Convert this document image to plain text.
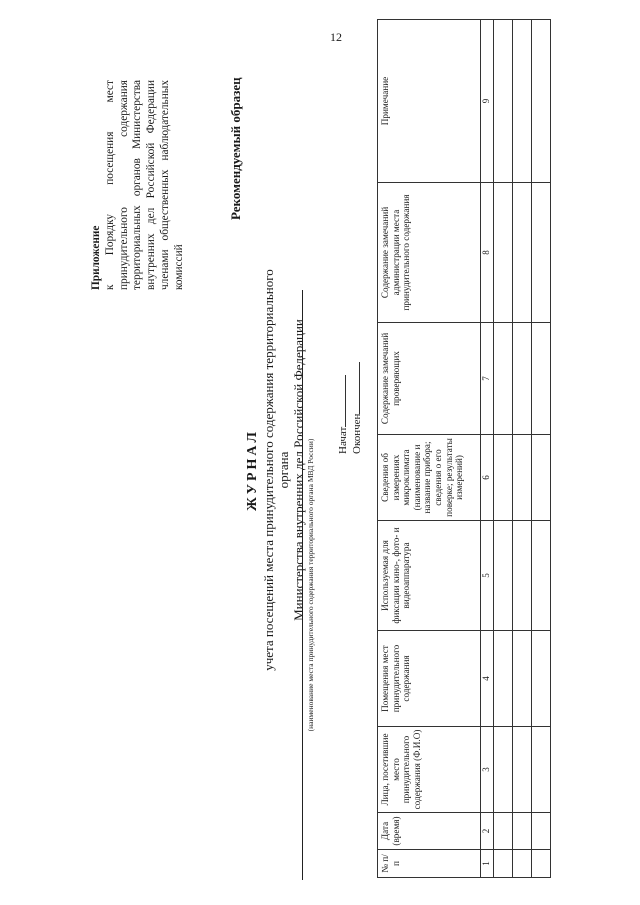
12
Приложение к Порядку посещения мест принудительного содержания территориальных органов Министерства внутренних дел Российской Федерации членами общественных наблюдательных комиссий
Рекомендуемый образец
ЖУРНАЛ учета посещений места принудительного содержания территориального органа Министерства внутренних дел Российской Федерации (наименование места принудительного содержания территориального органа МВД России) Начат Окончен
№ п/п	Дата (время)	Лица, посетившие место принудительного содержания (Ф.И.О)	Помещения мест принудительного содержания	Используемая для фиксации кино-, фото- и видеоаппаратура	Сведения об измерениях микроклимата (наименование и название прибора; сведения о его поверке; результаты измерений)	Содержание замечаний проверяющих	Содержание замечаний администрации места принудительного содержания	Примечание
1	2	3	4	5	6	7	8	9
